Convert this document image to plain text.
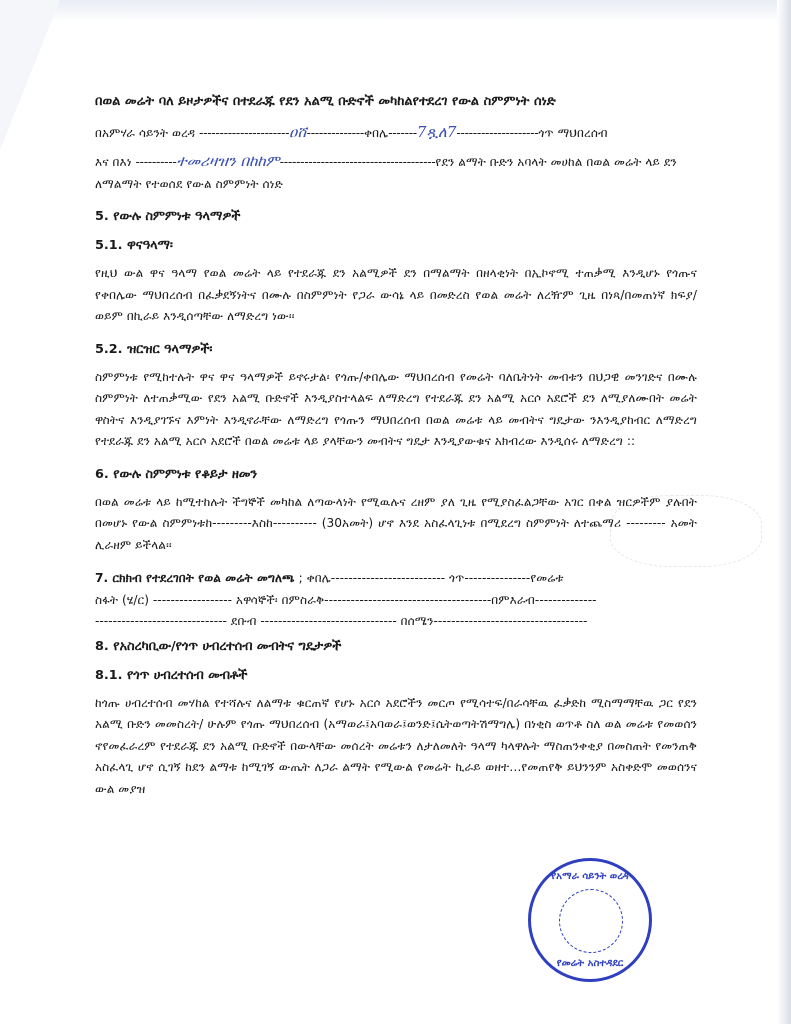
በወል መሬት ባለ ይዞታዎችና በተደራጁ የደን አልሚ ቡድኖች መካከልየተደረገ የውል ስምምነት ሰነድ
በአምሃራ ሳይንት ወረዳ ----------------------ዐሸ--------------ቀበሌ-------7ጿለ7--------------------ጎጥ ማህበረሰብ
እና በእነ ----------ተመሪዛዝን በከከም--------------------------------------የደን ልማት ቡድን አባላት መሀከል በወል መሬት ላይ ደን ለማልማት የተወሰደ የውል ስምምነት ሰነድ
5. የውሉ ስምምነቱ ዓላማዎች
5.1. ዋናዓላማ፡

የዚህ ውል ዋና ዓላማ የወል መሬት ላይ የተደራጁ ደን አልሚዎች ደን በማልማት በዘላቂነት በኢኮኖሚ ተጠቃሚ እንዲሆኑ የጎጡና የቀበሌው ማህበረሰብ በፈቃደኝነትና በሙሉ በስምምነት የጋራ ውሳኔ ላይ በመድረስ የወል መሬት ለረዥም ጊዜ በነጻ/በመጠነኛ ክፍያ/ ወይም በኪራይ እንዲሰጣቸው ለማድረግ ነው፡፡

5.2. ዝርዝር ዓላማዎች፡

ስምምነቱ የሚከተሉት ዋና ዋና ዓላማዎች ይኖሩታል፡ የጎጡ/ቀበሌው ማህበረሰብ የመሬት ባለቤትነት መብቱን በህጋዊ መንገድና በሙሉ ስምምነት ለተጠቃሚው የደን አልሚ ቡድኖች እንዲያስተላልፍ ለማድረግ የተደራጁ ደን አልሚ አርሶ አደሮች ደን ለሚያለሙበት መሬት ዋስትና እንዲያገኙና እምነት እንዲኖራቸው ለማድረግ የጎጡን ማህበረሰብ በወል መሬቱ ላይ መብትና ግዴታው ንእንዲያከብር ለማድረግ የተደራጁ ደን አልሚ አርሶ አደሮች በወል መሬቱ ላይ ያላቸውን መብትና ግዴታ እንዲያውቁና አክብረው እንዲሰሩ ለማድረግ ::

6. የውሉ ስምምነቱ የቆይታ ዘመን

በወል መሬቱ ላይ ከሚተከሉት ችግኞች መካከል ለጣውላነት የሚዉሉና ረዘም ያለ ጊዜ የሚያስፈልጋቸው አገር በቀል ዝርዎችም ያሉበት በመሆኑ የውል ስምምነቱከ---------እስከ---------- (30አመት) ሆኖ እንደ አስፈላጊነቱ በሚደረግ ስምምነት ለተጨማሪ --------- አመት ሊራዘም ይችላል፡፡

7. ርክክብ የተደረገበት የወል መሬት መግለጫ ; ቀበሌ-------------------------- ጎጥ---------------የመሬቱ
ስፋት (ሄ/ር) ------------------ አዋሳኞች፡ በምስራቅ--------------------------------------በምእራብ--------------
------------------------------ ደቡብ ------------------------------- በሰሜን-----------------------------------
8. የአስረካቢው/የጎጥ ሀብረተሰብ መብትና ግዴታዎች
8.1. የጎጥ ሀብረተሰብ መብቶች

ከጎጡ ሀብረተሰብ መሃከል የተሻሉና ለልማቱ ቁርጠኛ የሆኑ አርሶ አደሮችን መርጦ የሚሳተፍ/በራሳቸዉ ፈቃድከ ሚስማማቸዉ ጋር የደን አልሚ ቡድን መመስረት/ ሁሉም የጎጡ ማህበረሰብ (አማወራ፤አባወራ፤ወንድ፤ሴትወጣትሽማግሌ) በነቂስ ወጥቶ ስለ ወል መሬቱ የመወሰን ኖየመፈራረም የተደራጁ ደን አልሚ ቡድኖች በውላቸው መሰረት መሬቱን ለታለመለት ዓላማ ካላዋሉት ማስጠንቀቂያ በመስጠት የመንጠቅ አስፈላጊ ሆኖ ሲገኝ ከደን ልማቱ ከሚገኝ ውጤት ለጋራ ልማት የሚውል የመሬት ኪራይ ወዘተ…የመጠየቅ ይህንንም አስቀድሞ መወሰንና ውል መያዝ

የአማራ ሳይንት ወረዳ
የመሬት አስተዳደር
